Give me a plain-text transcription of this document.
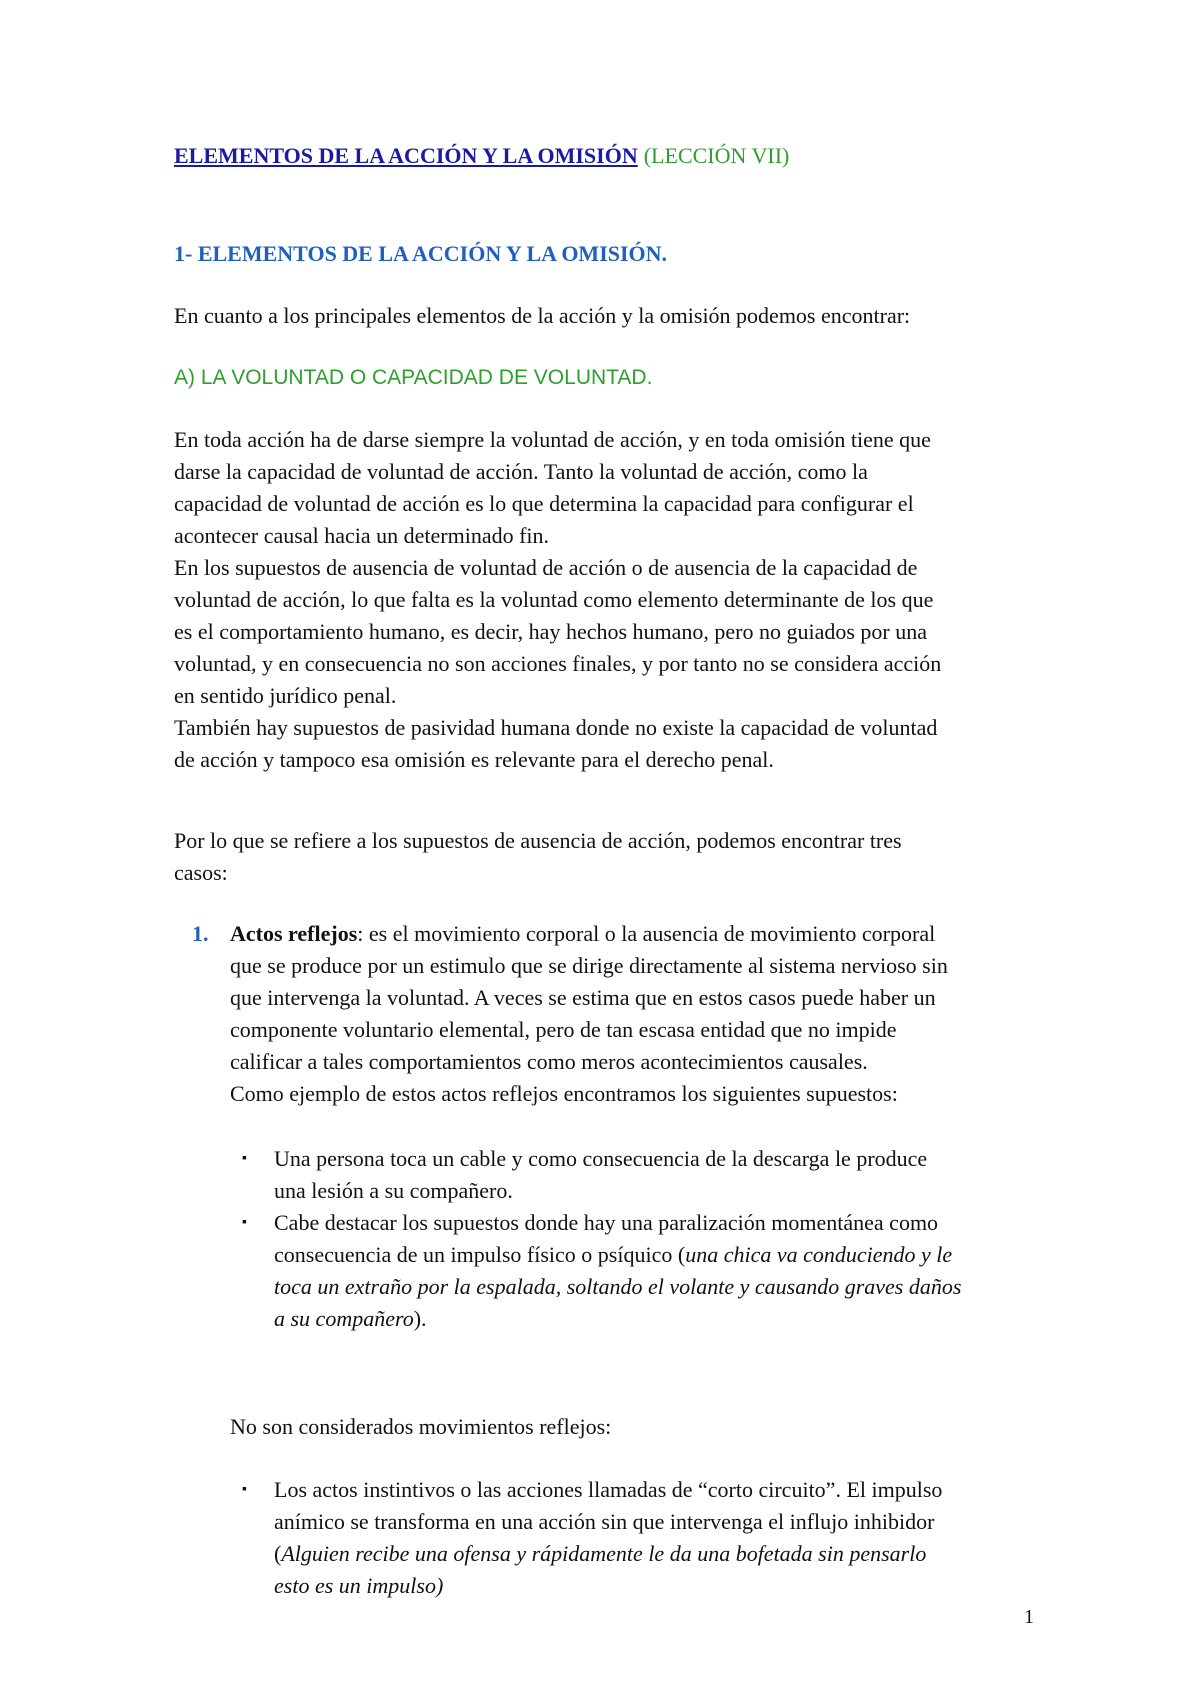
ELEMENTOS DE LA ACCIÓN Y LA OMISIÓN (LECCIÓN VII)
1- ELEMENTOS DE LA ACCIÓN Y LA OMISIÓN.
En cuanto a los principales elementos de la acción y la omisión podemos encontrar:
A) LA VOLUNTAD O CAPACIDAD DE VOLUNTAD.
En toda acción ha de darse siempre la voluntad de acción, y en toda omisión tiene que
darse la capacidad de voluntad de acción. Tanto la voluntad de acción, como la
capacidad de voluntad de acción es lo que determina la capacidad para configurar el
acontecer causal hacia un determinado fin.
En los supuestos de ausencia de voluntad de acción o de ausencia de la capacidad de
voluntad de acción, lo que falta es la voluntad como elemento determinante de los que
es el comportamiento humano, es decir, hay hechos humano, pero no guiados por una
voluntad, y en consecuencia no son acciones finales, y por tanto no se considera acción
en sentido jurídico penal.
También hay supuestos de pasividad humana donde no existe la capacidad de voluntad
de acción y tampoco esa omisión es relevante para el derecho penal.
Por lo que se refiere a los supuestos de ausencia de acción, podemos encontrar tres
casos:
1. Actos reflejos: es el movimiento corporal o la ausencia de movimiento corporal
que se produce por un estimulo que se dirige directamente al sistema nervioso sin
que intervenga la voluntad. A veces se estima que en estos casos puede haber un
componente voluntario elemental, pero de tan escasa entidad que no impide
calificar a tales comportamientos como meros acontecimientos causales.
Como ejemplo de estos actos reflejos encontramos los siguientes supuestos:
▪ Una persona toca un cable y como consecuencia de la descarga le produce
una lesión a su compañero.
▪ Cabe destacar los supuestos donde hay una paralización momentánea como
consecuencia de un impulso físico o psíquico (una chica va conduciendo y le
toca un extraño por la espalada, soltando el volante y causando graves daños
a su compañero).
No son considerados movimientos reflejos:
▪ Los actos instintivos o las acciones llamadas de “corto circuito”. El impulso
anímico se transforma en una acción sin que intervenga el influjo inhibidor
(Alguien recibe una ofensa y rápidamente le da una bofetada sin pensarlo
esto es un impulso)
1
